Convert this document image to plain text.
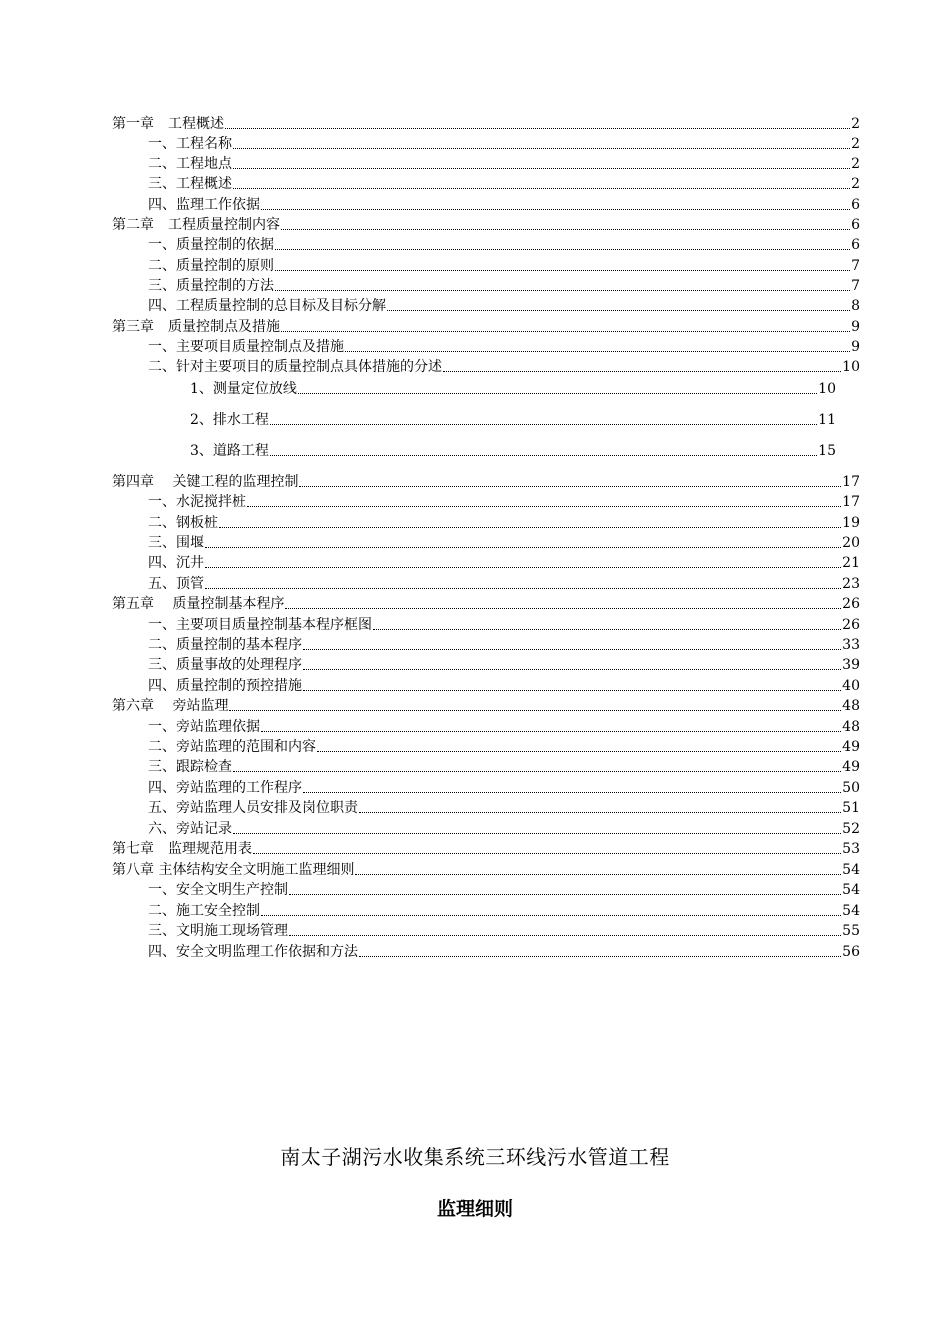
第一章　工程概述	2
一、工程名称	2
二、工程地点	2
三、工程概述	2
四、监理工作依据	6
第二章　工程质量控制内容	6
一、质量控制的依据	6
二、质量控制的原则	7
三、质量控制的方法	7
四、工程质量控制的总目标及目标分解	8
第三章　质量控制点及措施	9
一、主要项目质量控制点及措施	9
二、针对主要项目的质量控制点具体措施的分述	10
1、测量定位放线	10
2、排水工程	11
3、道路工程	15
第四章　 关键工程的监理控制	17
一、水泥搅拌桩	17
二、钢板桩	19
三、围堰	20
四、沉井	21
五、顶管	23
第五章　 质量控制基本程序	26
一、主要项目质量控制基本程序框图	26
二、质量控制的基本程序	33
三、质量事故的处理程序	39
四、质量控制的预控措施	40
第六章　 旁站监理	48
一、旁站监理依据	48
二、旁站监理的范围和内容	49
三、跟踪检查	49
四、旁站监理的工作程序	50
五、旁站监理人员安排及岗位职责	51
六、旁站记录	52
第七章　监理规范用表	53
第八章 主体结构安全文明施工监理细则	54
一、安全文明生产控制	54
二、施工安全控制	54
三、文明施工现场管理	55
四、安全文明监理工作依据和方法	56
南太子湖污水收集系统三环线污水管道工程
监理细则
